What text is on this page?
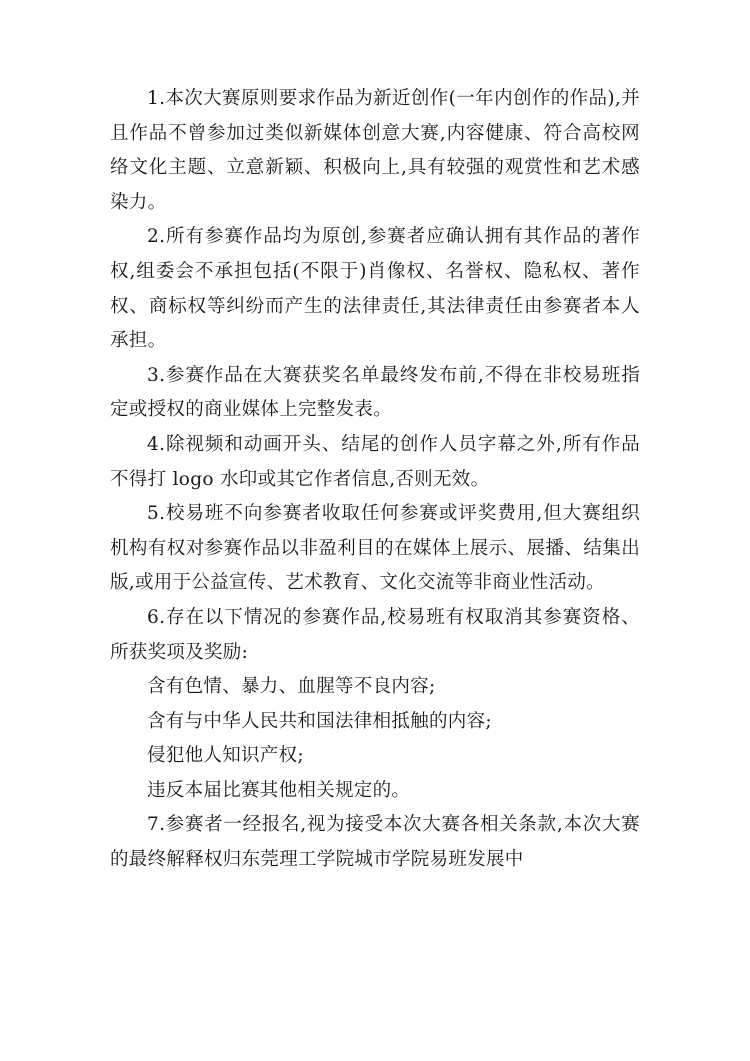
1.本次大赛原则要求作品为新近创作(一年内创作的作品),并且作品不曾参加过类似新媒体创意大赛,内容健康、符合高校网络文化主题、立意新颖、积极向上,具有较强的观赏性和艺术感染力。

2.所有参赛作品均为原创,参赛者应确认拥有其作品的著作权,组委会不承担包括(不限于)肖像权、名誉权、隐私权、著作权、商标权等纠纷而产生的法律责任,其法律责任由参赛者本人承担。

3.参赛作品在大赛获奖名单最终发布前,不得在非校易班指定或授权的商业媒体上完整发表。

4.除视频和动画开头、结尾的创作人员字幕之外,所有作品不得打 logo 水印或其它作者信息,否则无效。

5.校易班不向参赛者收取任何参赛或评奖费用,但大赛组织机构有权对参赛作品以非盈利目的在媒体上展示、展播、结集出版,或用于公益宣传、艺术教育、文化交流等非商业性活动。

6.存在以下情况的参赛作品,校易班有权取消其参赛资格、所获奖项及奖励:

含有色情、暴力、血腥等不良内容;

含有与中华人民共和国法律相抵触的内容;

侵犯他人知识产权;

违反本届比赛其他相关规定的。

7.参赛者一经报名,视为接受本次大赛各相关条款,本次大赛的最终解释权归东莞理工学院城市学院易班发展中
